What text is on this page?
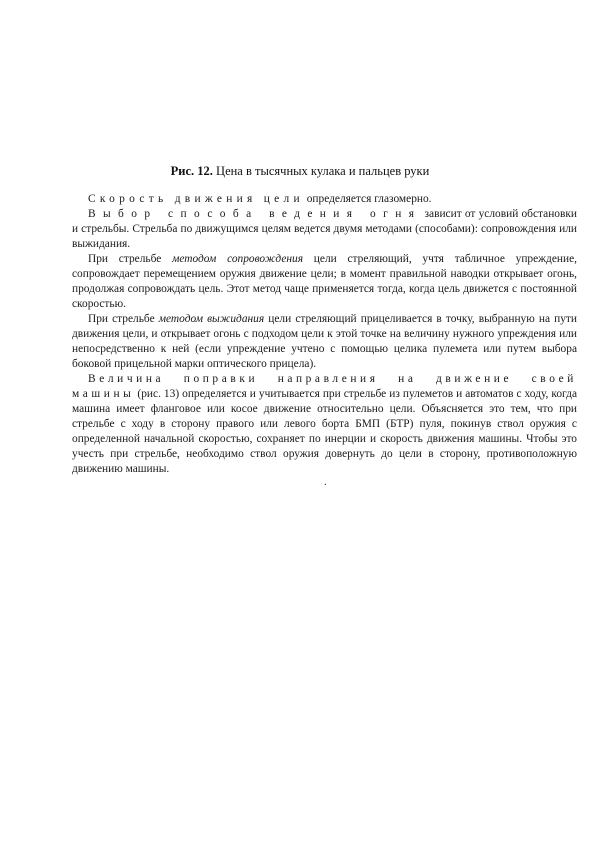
Рис. 12. Цена в тысячных кулака и пальцев руки

Скорость движения цели определяется глазомерно.

Выбор способа ведения огня зависит от условий обстановки и стрельбы. Стрельба по движущимся целям ведется двумя методами (способами): сопровождения или выжидания.

При стрельбе методом сопровождения цели стреляющий, учтя табличное упреждение, сопровождает перемещением оружия движение цели; в момент правильной наводки открывает огонь, продолжая сопровождать цель. Этот метод чаще применяется тогда, когда цель движется с постоянной скоростью.

При стрельбе методом выжидания цели стреляющий прицеливается в точку, выбранную на пути движения цели, и открывает огонь с подходом цели к этой точке на величину нужного упреждения или непосредственно к ней (если упреждение учтено с помощью целика пулемета или путем выбора боковой прицельной марки оптического прицела).

Величина поправки направления на движение своей машины (рис. 13) определяется и учитывается при стрельбе из пулеметов и автоматов с ходу, когда машина имеет фланговое или косое движение относительно цели. Объясняется это тем, что при стрельбе с ходу в сторону правого или левого борта БМП (БТР) пуля, покинув ствол оружия с определенной начальной скоростью, сохраняет по инерции и скорость движения машины. Чтобы это учесть при стрельбе, необходимо ствол оружия довернуть до цели в сторону, противоположную движению машины.

.
